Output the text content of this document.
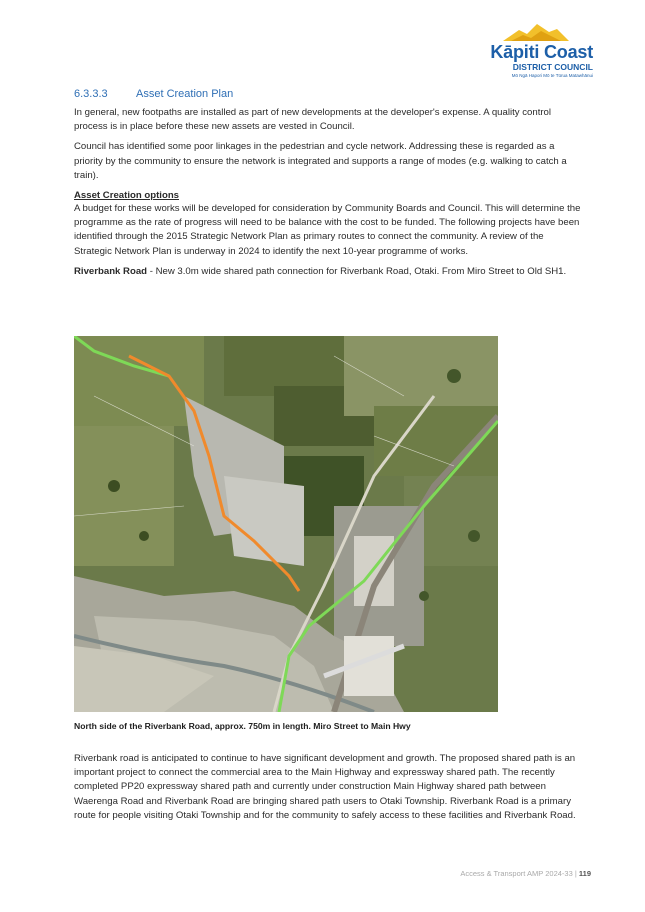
Kāpiti Coast
DISTRICT COUNCIL
Mō Ngā Hapori Mō te Tūrua Matawhānui
6.3.3.3	Asset Creation Plan

In general, new footpaths are installed as part of new developments at the developer's expense. A quality control process is in place before these new assets are vested in Council.

Council has identified some poor linkages in the pedestrian and cycle network. Addressing these is regarded as a priority by the community to ensure the network is integrated and supports a range of modes (e.g. walking to catch a train).

Asset Creation options

A budget for these works will be developed for consideration by Community Boards and Council. This will determine the programme as the rate of progress will need to be balance with the cost to be funded. The following projects have been identified through the 2015 Strategic Network Plan as primary routes to connect the community. A review of the Strategic Network Plan is underway in 2024 to identify the next 10-year programme of works.

Riverbank Road - New 3.0m wide shared path connection for Riverbank Road, Otaki. From Miro Street to Old SH1.

North side of the Riverbank Road, approx. 750m in length. Miro Street to Main Hwy

Riverbank road is anticipated to continue to have significant development and growth. The proposed shared path is an important project to connect the commercial area to the Main Highway and expressway shared path. The recently completed PP20 expressway shared path and currently under construction Main Highway shared path between Waerenga Road and Riverbank Road are bringing shared path users to Otaki Township. Riverbank Road is a primary route for people visiting Otaki Township and for the community to safely access to these facilities and Riverbank Road.

Access & Transport AMP 2024-33 | 119
